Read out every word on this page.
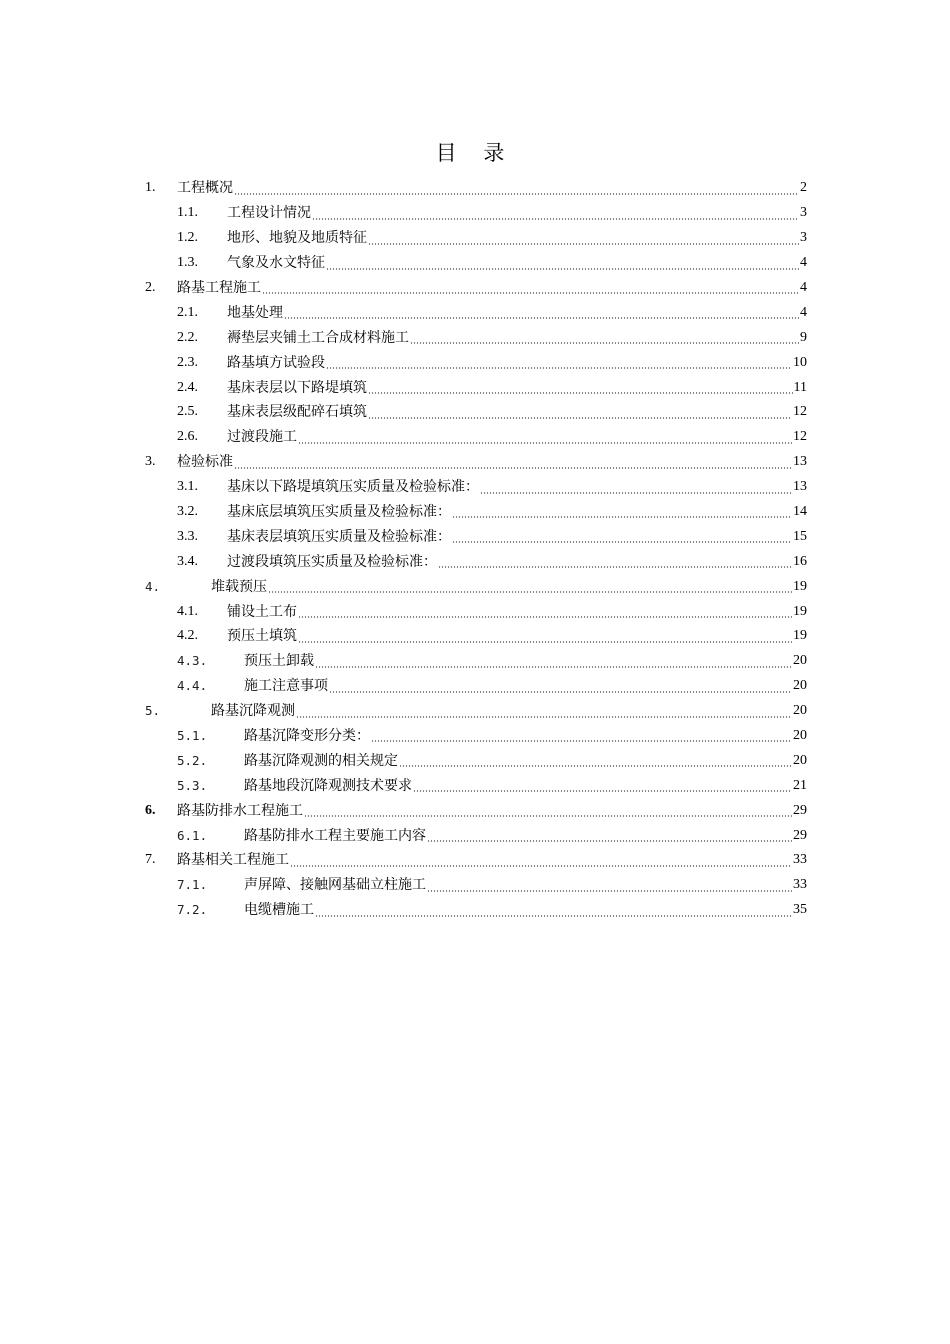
目 录
1.	工程概况	2
1.1.	工程设计情况	3
1.2.	地形、地貌及地质特征	3
1.3.	气象及水文特征	4
2.	路基工程施工	4
2.1.	地基处理	4
2.2.	褥垫层夹铺土工合成材料施工	9
2.3.	路基填方试验段	10
2.4.	基床表层以下路堤填筑	11
2.5.	基床表层级配碎石填筑	12
2.6.	过渡段施工	12
3.	检验标准	13
3.1.	基床以下路堤填筑压实质量及检验标准：	13
3.2.	基床底层填筑压实质量及检验标准：	14
3.3.	基床表层填筑压实质量及检验标准：	15
3.4.	过渡段填筑压实质量及检验标准：	16
4.	堆载预压	19
4.1.	铺设土工布	19
4.2.	预压土填筑	19
4.3.	预压土卸载	20
4.4.	施工注意事项	20
5.	路基沉降观测	20
5.1.	路基沉降变形分类：	20
5.2.	路基沉降观测的相关规定	20
5.3.	路基地段沉降观测技术要求	21
6.	路基防排水工程施工	29
6.1.	路基防排水工程主要施工内容	29
7.	路基相关工程施工	33
7.1.	声屏障、接触网基础立柱施工	33
7.2.	电缆槽施工	35
